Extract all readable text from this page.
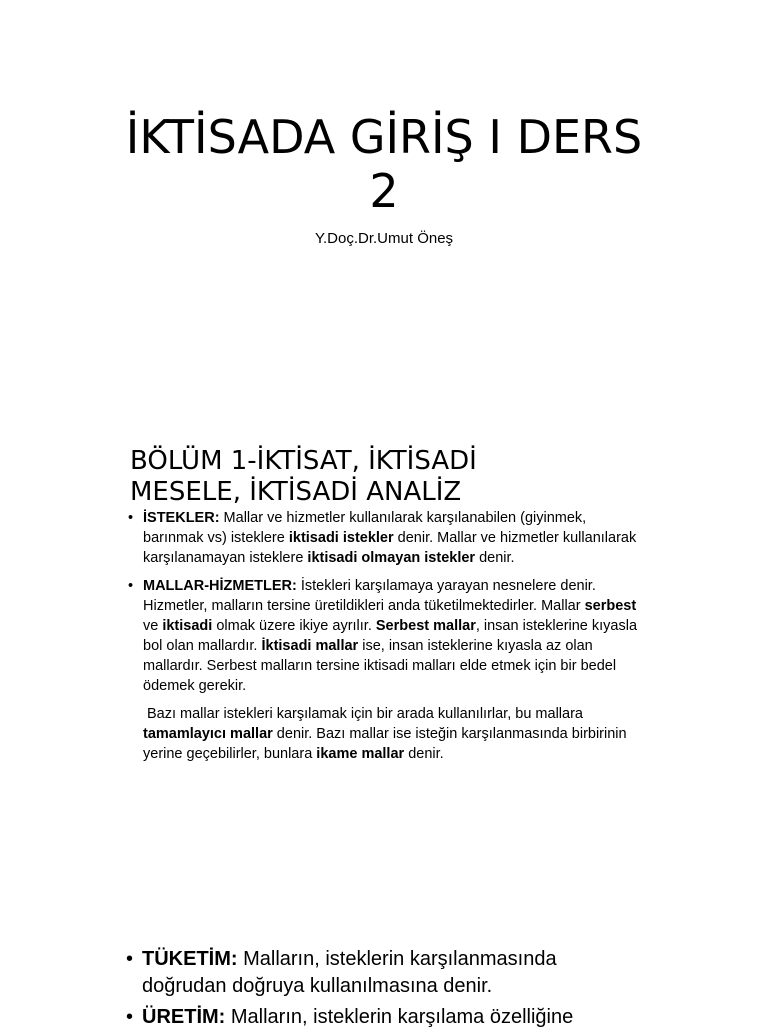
İKTİSADA GİRİŞ I DERS
2
Y.Doç.Dr.Umut Öneş
BÖLÜM 1-İKTİSAT, İKTİSADİ
MESELE, İKTİSADİ ANALİZ

• İSTEKLER: Mallar ve hizmetler kullanılarak karşılanabilen (giyinmek, barınmak vs) isteklere iktisadi istekler denir. Mallar ve hizmetler kullanılarak karşılanamayan isteklere iktisadi olmayan istekler denir.

• MALLAR-HİZMETLER: İstekleri karşılamaya yarayan nesnelere denir. Hizmetler, malların tersine üretildikleri anda tüketilmektedirler. Mallar serbest ve iktisadi olmak üzere ikiye ayrılır. Serbest mallar, insan isteklerine kıyasla bol olan mallardır. İktisadi mallar ise, insan isteklerine kıyasla az olan mallardır. Serbest malların tersine iktisadi malları elde etmek için bir bedel ödemek gerekir.

Bazı mallar istekleri karşılamak için bir arada kullanılırlar, bu mallara tamamlayıcı mallar denir. Bazı mallar ise isteğin karşılanmasında birbirinin yerine geçebilirler, bunlara ikame mallar denir.

• TÜKETİM: Malların, isteklerin karşılanmasında doğrudan doğruya kullanılmasına denir.

• ÜRETİM: Malların, isteklerin karşılama özelliğine
